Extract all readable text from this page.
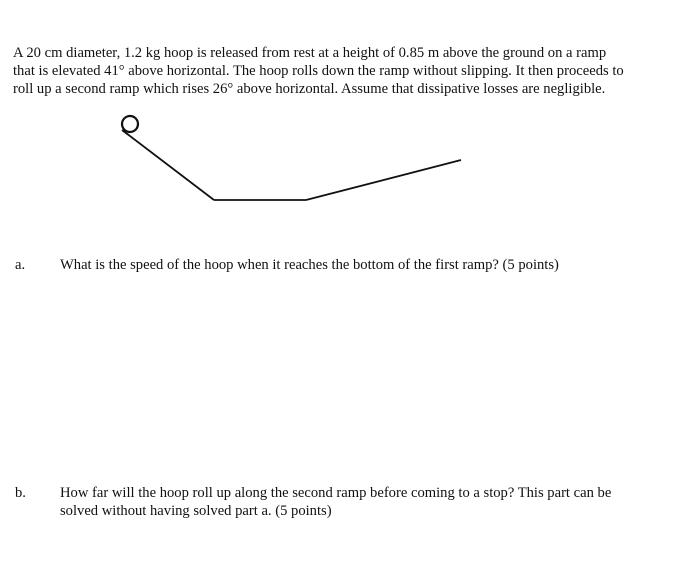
A 20 cm diameter, 1.2 kg hoop is released from rest at a height of 0.85 m above the ground on a ramp
that is elevated 41° above horizontal. The hoop rolls down the ramp without slipping. It then proceeds to
roll up a second ramp which rises 26° above horizontal. Assume that dissipative losses are negligible.

a. What is the speed of the hoop when it reaches the bottom of the first ramp? (5 points)

b. How far will the hoop roll up along the second ramp before coming to a stop? This part can be
solved without having solved part a. (5 points)
